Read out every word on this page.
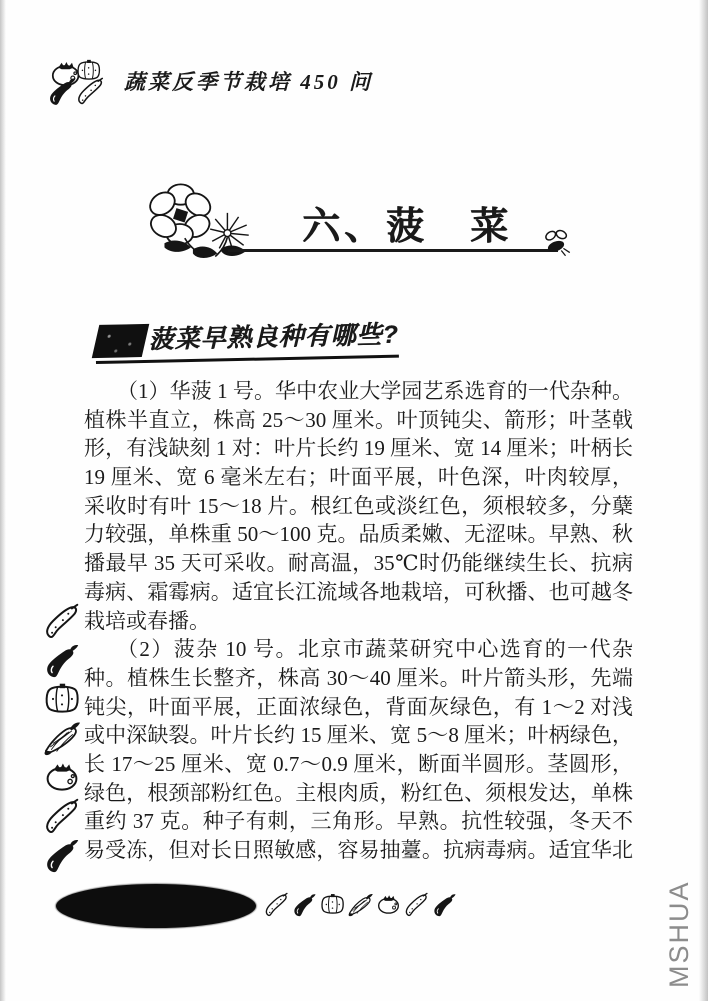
蔬菜反季节栽培 450 问
六、菠　菜
菠菜早熟良种有哪些?
（1）华菠 1 号。华中农业大学园艺系选育的一代杂种。
植株半直立，株高 25～30 厘米。叶顶钝尖、箭形；叶茎戟
形，有浅缺刻 1 对：叶片长约 19 厘米、宽 14 厘米；叶柄长
19 厘米、宽 6 毫米左右；叶面平展，叶色深，叶肉较厚，
采收时有叶 15～18 片。根红色或淡红色，须根较多，分蘖
力较强，单株重 50～100 克。品质柔嫩、无涩味。早熟、秋
播最早 35 天可采收。耐高温，35℃时仍能继续生长、抗病
毒病、霜霉病。适宜长江流域各地栽培，可秋播、也可越冬
栽培或春播。
（2）菠杂 10 号。北京市蔬菜研究中心选育的一代杂
种。植株生长整齐，株高 30～40 厘米。叶片箭头形，先端
钝尖，叶面平展，正面浓绿色，背面灰绿色，有 1～2 对浅
或中深缺裂。叶片长约 15 厘米、宽 5～8 厘米；叶柄绿色，
长 17～25 厘米、宽 0.7～0.9 厘米，断面半圆形。茎圆形，
绿色，根颈部粉红色。主根肉质，粉红色、须根发达，单株
重约 37 克。种子有刺，三角形。早熟。抗性较强，冬天不
易受冻，但对长日照敏感，容易抽薹。抗病毒病。适宜华北
MSHUA
